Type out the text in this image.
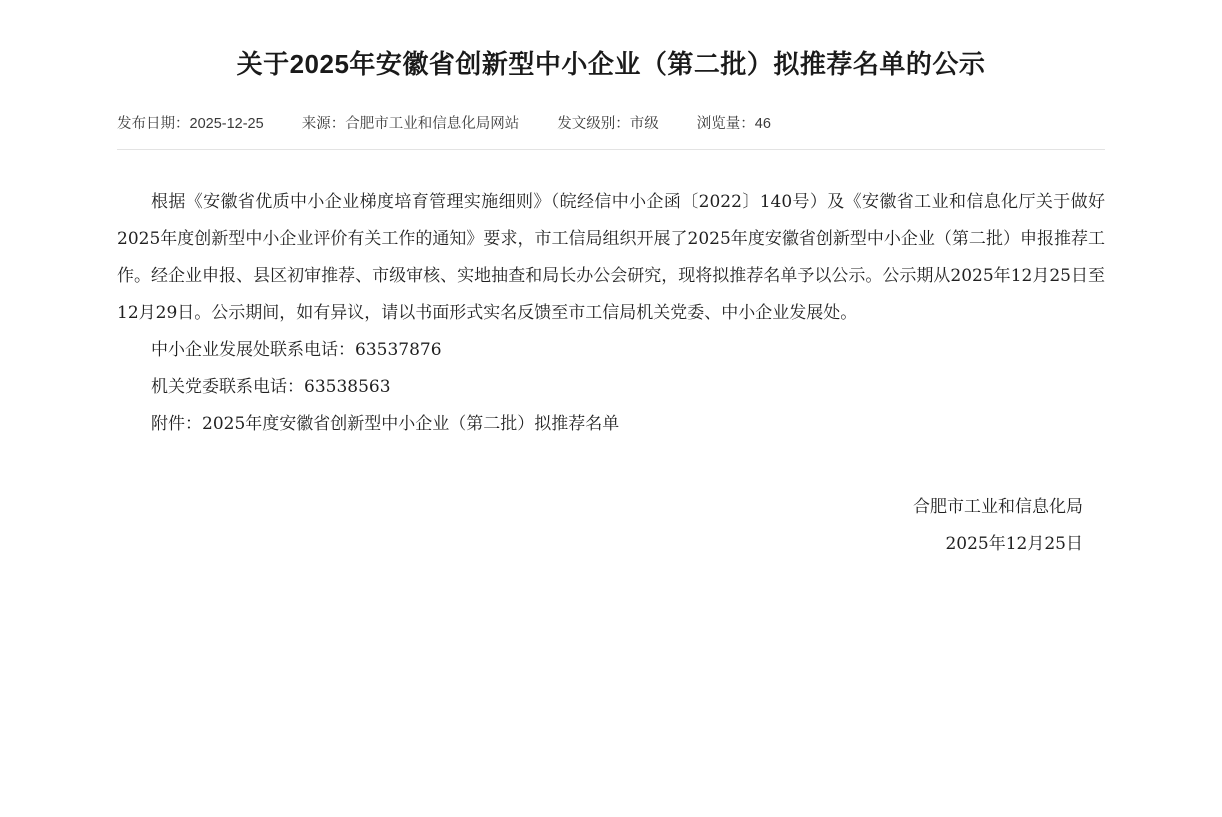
关于2025年安徽省创新型中小企业（第二批）拟推荐名单的公示
发布日期：2025-12-25	来源：合肥市工业和信息化局网站	发文级别：市级	浏览量：46

根据《安徽省优质中小企业梯度培育管理实施细则》（皖经信中小企函〔2022〕140号）及《安徽省工业和信息化厅关于做好2025年度创新型中小企业评价有关工作的通知》要求，市工信局组织开展了2025年度安徽省创新型中小企业（第二批）申报推荐工作。经企业申报、县区初审推荐、市级审核、实地抽查和局长办公会研究，现将拟推荐名单予以公示。公示期从2025年12月25日至12月29日。公示期间，如有异议，请以书面形式实名反馈至市工信局机关党委、中小企业发展处。

中小企业发展处联系电话：63537876

机关党委联系电话：63538563

附件：2025年度安徽省创新型中小企业（第二批）拟推荐名单

合肥市工业和信息化局
2025年12月25日
